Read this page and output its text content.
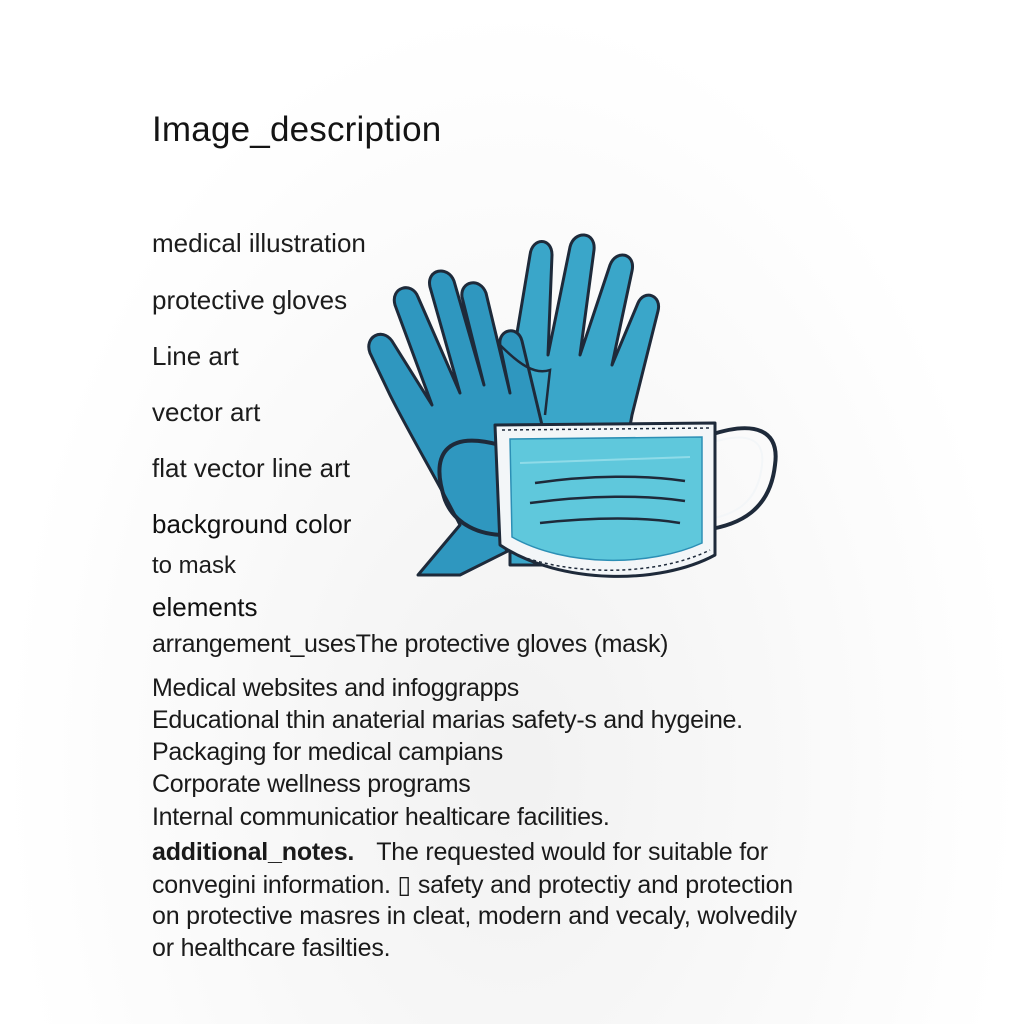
Image_description
medical illustration
protective gloves
Line art
vector art
flat vector line art
background color
to mask
elements
arrangement_usesThe protective gloves (mask)
Medical websites and infoggrapps
Educational thin anaterial marias safety-s and hygeine.
Packaging for medical campians
Corporate wellness programs
Internal communicatior healticare facilities.
additional_notes. The requested would for suitable for
convegini information. ▯ safety and protectiy and protection
on protective masres in cleat, modern and vecaly, wolvedily
or healthcare fasilties.
